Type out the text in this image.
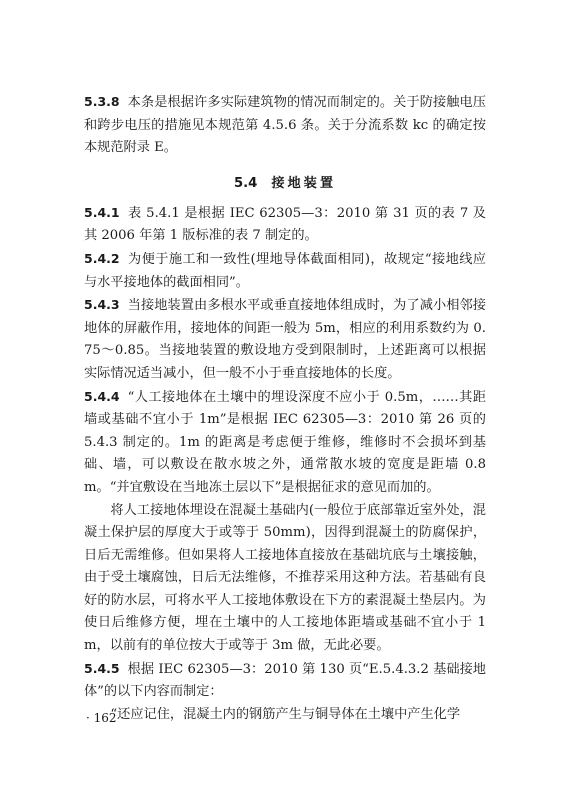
5.3.8 本条是根据许多实际建筑物的情况而制定的。关于防接触电压和跨步电压的措施见本规范第 4.5.6 条。关于分流系数 kc 的确定按本规范附录 E。

5.4 接地装置

5.4.1 表 5.4.1 是根据 IEC 62305—3：2010 第 31 页的表 7 及其 2006 年第 1 版标准的表 7 制定的。

5.4.2 为便于施工和一致性(埋地导体截面相同)，故规定“接地线应与水平接地体的截面相同”。

5.4.3 当接地装置由多根水平或垂直接地体组成时，为了减小相邻接地体的屏蔽作用，接地体的间距一般为 5m，相应的利用系数约为 0.75～0.85。当接地装置的敷设地方受到限制时，上述距离可以根据实际情况适当减小，但一般不小于垂直接地体的长度。

5.4.4 “人工接地体在土壤中的埋设深度不应小于 0.5m，……其距墙或基础不宜小于 1m”是根据 IEC 62305—3：2010 第 26 页的 5.4.3 制定的。1m 的距离是考虑便于维修，维修时不会损坏到基础、墙，可以敷设在散水坡之外，通常散水坡的宽度是距墙 0.8m。“并宜敷设在当地冻土层以下”是根据征求的意见而加的。

将人工接地体埋设在混凝土基础内(一般位于底部靠近室外处，混凝土保护层的厚度大于或等于 50mm)，因得到混凝土的防腐保护，日后无需维修。但如果将人工接地体直接放在基础坑底与土壤接触，由于受土壤腐蚀，日后无法维修，不推荐采用这种方法。若基础有良好的防水层，可将水平人工接地体敷设在下方的素混凝土垫层内。为使日后维修方便，埋在土壤中的人工接地体距墙或基础不宜小于 1m，以前有的单位按大于或等于 3m 做，无此必要。

5.4.5 根据 IEC 62305—3：2010 第 130 页“E.5.4.3.2 基础接地体”的以下内容而制定：

“还应记住，混凝土内的钢筋产生与铜导体在土壤中产生化学

· 162 ·
